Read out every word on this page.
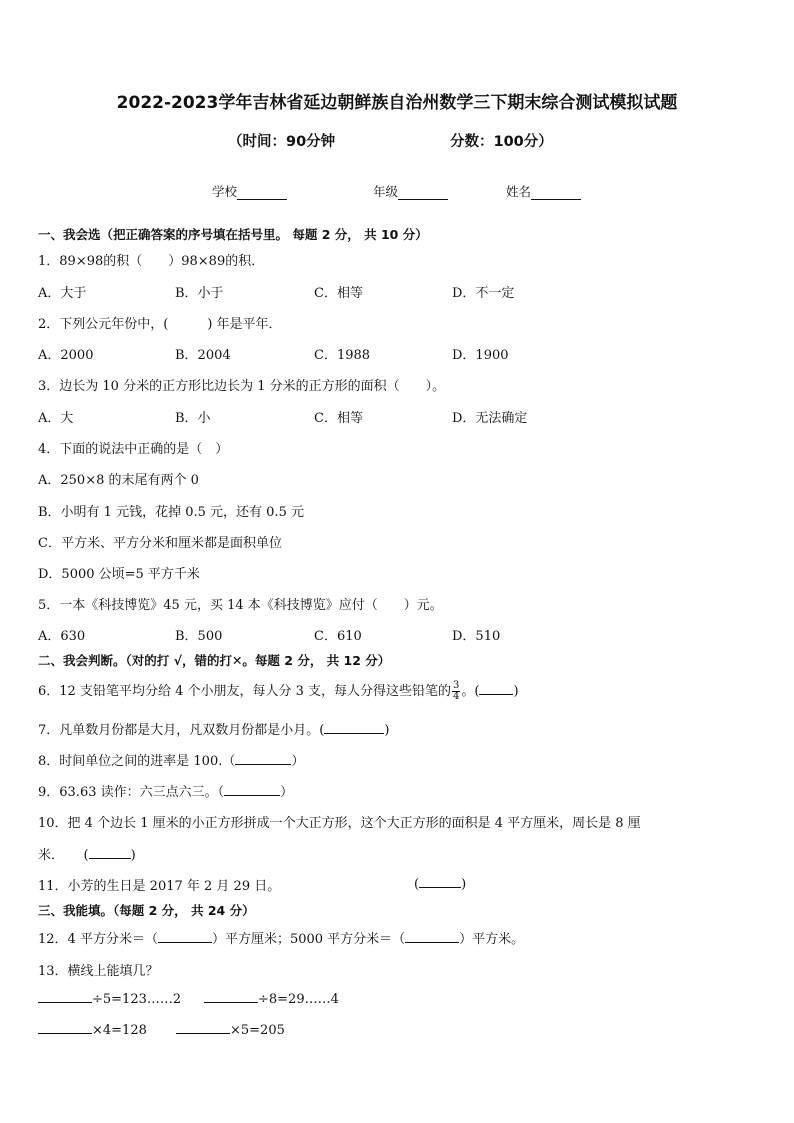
2022-2023学年吉林省延边朝鲜族自治州数学三下期末综合测试模拟试题
（时间：90分钟	分数：100分）
学校	年级	姓名
一、我会选（把正确答案的序号填在括号里。 每题 2 分， 共 10 分）
1．89×98的积（　　）98×89的积．
A．大于	B．小于	C．相等	D．不一定
2．下列公元年份中，(　　　) 年是平年．
A．2000	B．2004	C．1988	D．1900
3．边长为 10 分米的正方形比边长为 1 分米的正方形的面积（　　）。
A．大	B．小	C．相等	D．无法确定
4．下面的说法中正确的是（　）
A．250×8 的末尾有两个 0
B．小明有 1 元钱，花掉 0.5 元，还有 0.5 元
C．平方米、平方分米和厘米都是面积单位
D．5000 公顷=5 平方千米
5．一本《科技博览》45 元，买 14 本《科技博览》应付（　　）元。
A．630	B．500	C．610	D．510
二、我会判断。（对的打 √，错的打✕。每题 2 分， 共 12 分）
6．12 支铅笔平均分给 4 个小朋友，每人分 3 支，每人分得这些铅笔的 $\frac{3}{4}$ 。(	)
7．凡单数月份都是大月，凡双数月份都是小月。(	)
8．时间单位之间的进率是 100.（	）
9．63.63 读作：六三点六三。（	）
10．把 4 个边长 1 厘米的小正方形拼成一个大正方形，这个大正方形的面积是 4 平方厘米，周长是 8 厘
米．　　(	)
11．小芳的生日是 2017 年 2 月 29 日。	(	)
三、我能填。（每题 2 分， 共 24 分）
12．4 平方分米＝（	）平方厘米；5000 平方分米＝（	）平方米。
13．横线上能填几？
÷5=123……2	÷8=29……4
×4=128	×5=205
